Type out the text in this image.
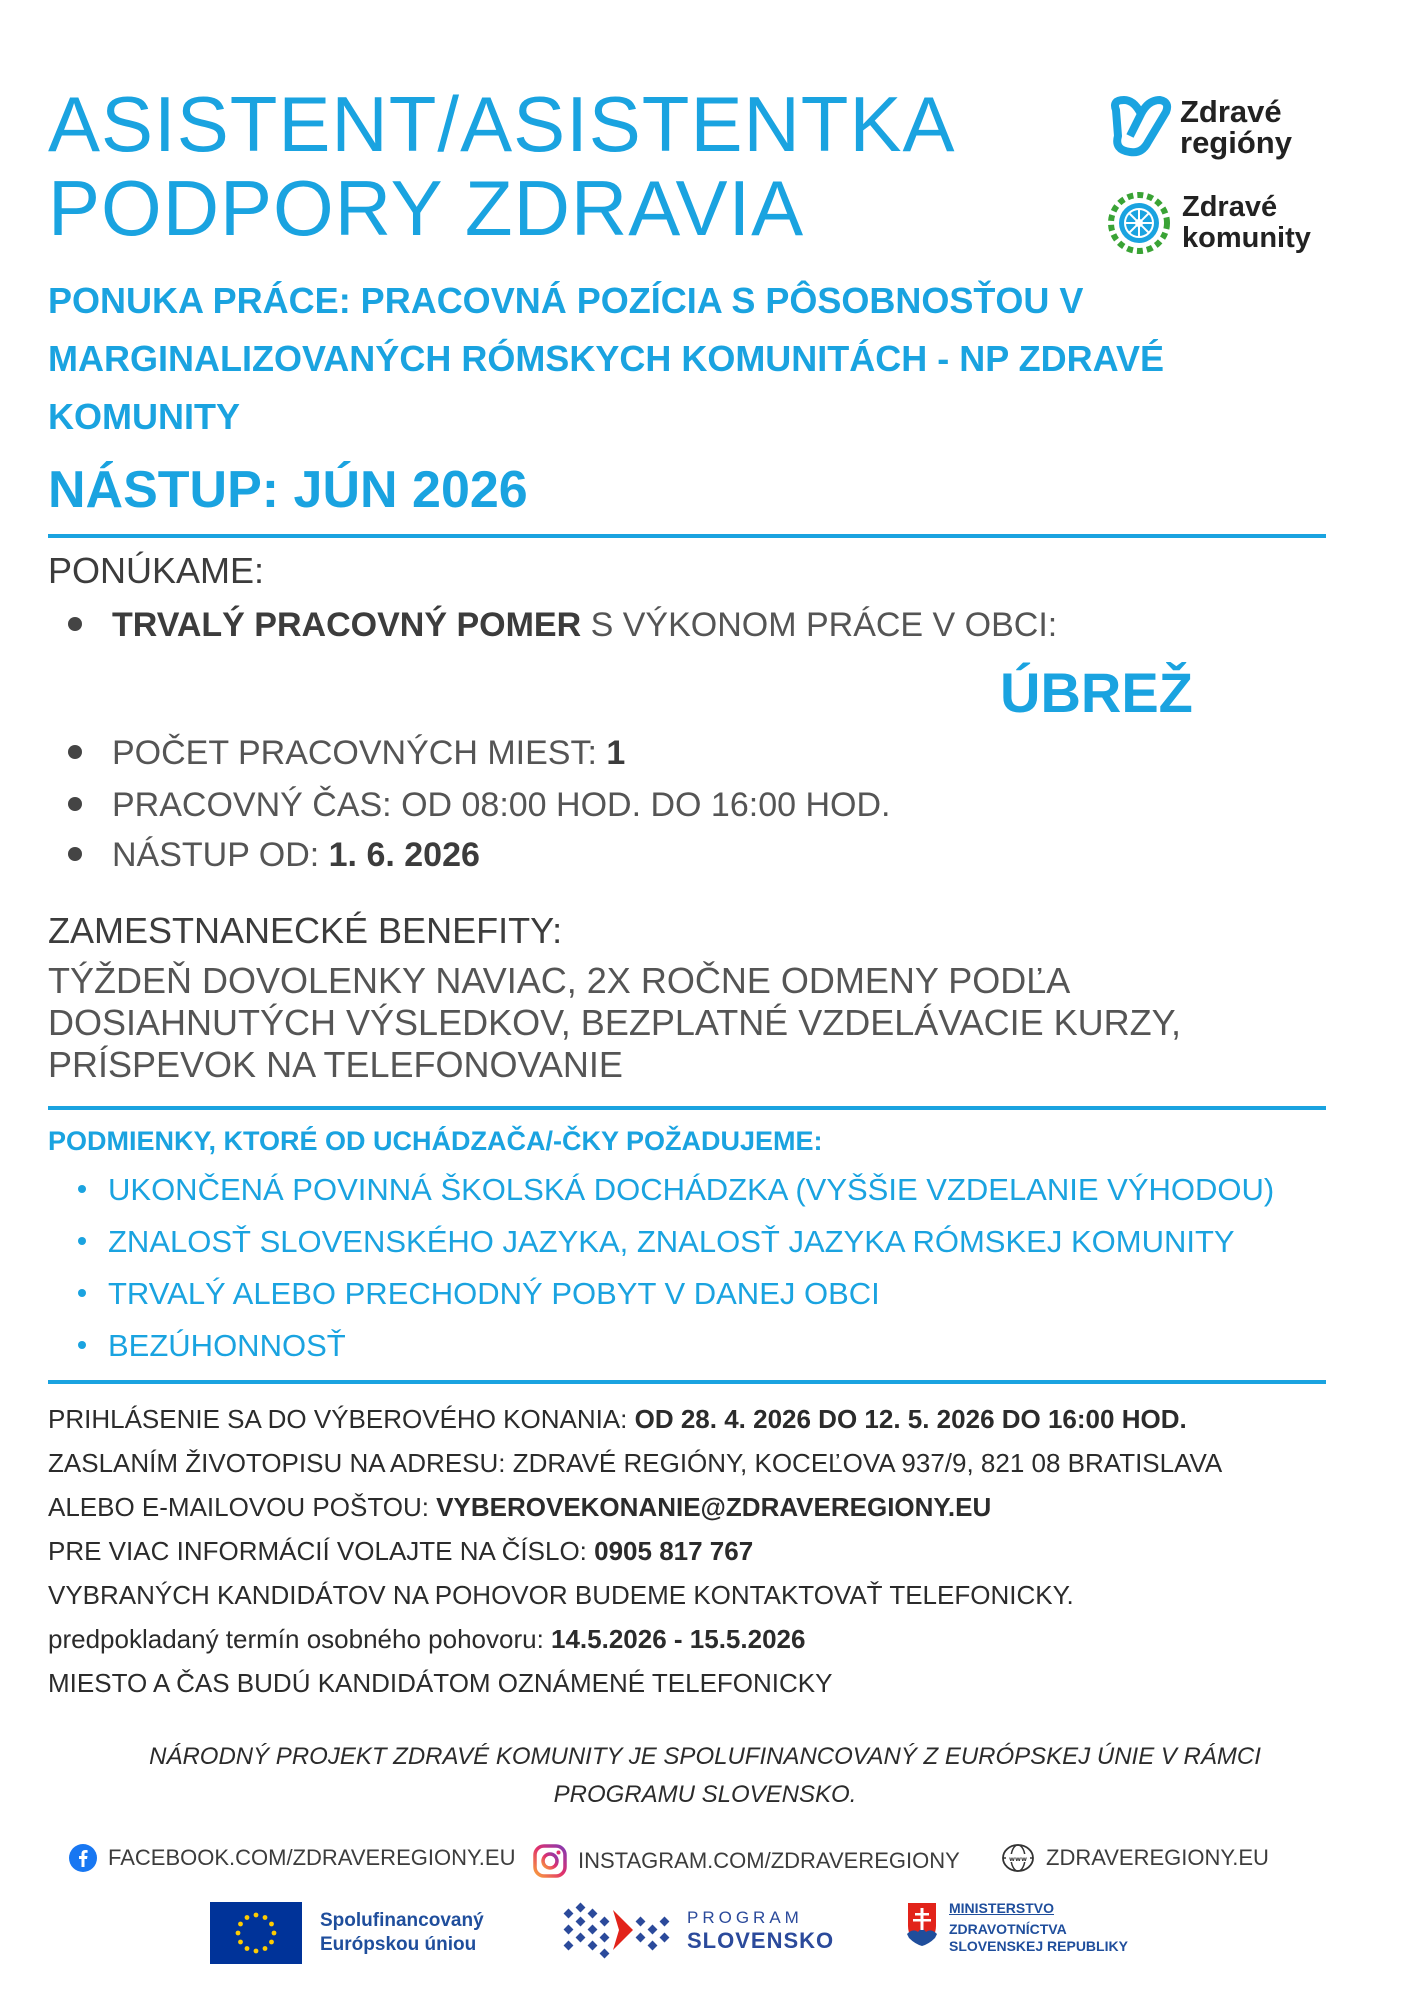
ASISTENT/ASISTENTKA
PODPORY ZDRAVIA
Zdravé
regióny
Zdravé
komunity
PONUKA PRÁCE: PRACOVNÁ POZÍCIA S PÔSOBNOSŤOU V
MARGINALIZOVANÝCH RÓMSKYCH KOMUNITÁCH - NP ZDRAVÉ
KOMUNITY
NÁSTUP: JÚN 2026
PONÚKAME:
TRVALÝ PRACOVNÝ POMER S VÝKONOM PRÁCE V OBCI:
ÚBREŽ
POČET PRACOVNÝCH MIEST: 1
PRACOVNÝ ČAS: OD 08:00 HOD. DO 16:00 HOD.
NÁSTUP OD: 1. 6. 2026
ZAMESTNANECKÉ BENEFITY:
TÝŽDEŇ DOVOLENKY NAVIAC, 2X ROČNE ODMENY PODĽA
DOSIAHNUTÝCH VÝSLEDKOV, BEZPLATNÉ VZDELÁVACIE KURZY,
PRÍSPEVOK NA TELEFONOVANIE
PODMIENKY, KTORÉ OD UCHÁDZAČA/-ČKY POŽADUJEME:
UKONČENÁ POVINNÁ ŠKOLSKÁ DOCHÁDZKA (VYŠŠIE VZDELANIE VÝHODOU)
ZNALOSŤ SLOVENSKÉHO JAZYKA, ZNALOSŤ JAZYKA RÓMSKEJ KOMUNITY
TRVALÝ ALEBO PRECHODNÝ POBYT V DANEJ OBCI
BEZÚHONNOSŤ
PRIHLÁSENIE SA DO VÝBEROVÉHO KONANIA: OD 28. 4. 2026 DO 12. 5. 2026 DO 16:00 HOD.
ZASLANÍM ŽIVOTOPISU NA ADRESU: ZDRAVÉ REGIÓNY, KOCEĽOVA 937/9, 821 08 BRATISLAVA
ALEBO E-MAILOVOU POŠTOU: VYBEROVEKONANIE@ZDRAVEREGIONY.EU
PRE VIAC INFORMÁCIÍ VOLAJTE NA ČÍSLO: 0905 817 767
VYBRANÝCH KANDIDÁTOV NA POHOVOR BUDEME KONTAKTOVAŤ TELEFONICKY.
predpokladaný termín osobného pohovoru: 14.5.2026 - 15.5.2026
MIESTO A ČAS BUDÚ KANDIDÁTOM OZNÁMENÉ TELEFONICKY
NÁRODNÝ PROJEKT ZDRAVÉ KOMUNITY JE SPOLUFINANCOVANÝ Z EURÓPSKEJ ÚNIE V RÁMCI
PROGRAMU SLOVENSKO.
FACEBOOK.COM/ZDRAVEREGIONY.EU	INSTAGRAM.COM/ZDRAVEREGIONY	www ZDRAVEREGIONY.EU
Spolufinancovaný
Európskou úniou
PROGRAM
SLOVENSKO
MINISTERSTVO
ZDRAVOTNÍCTVA
SLOVENSKEJ REPUBLIKY
